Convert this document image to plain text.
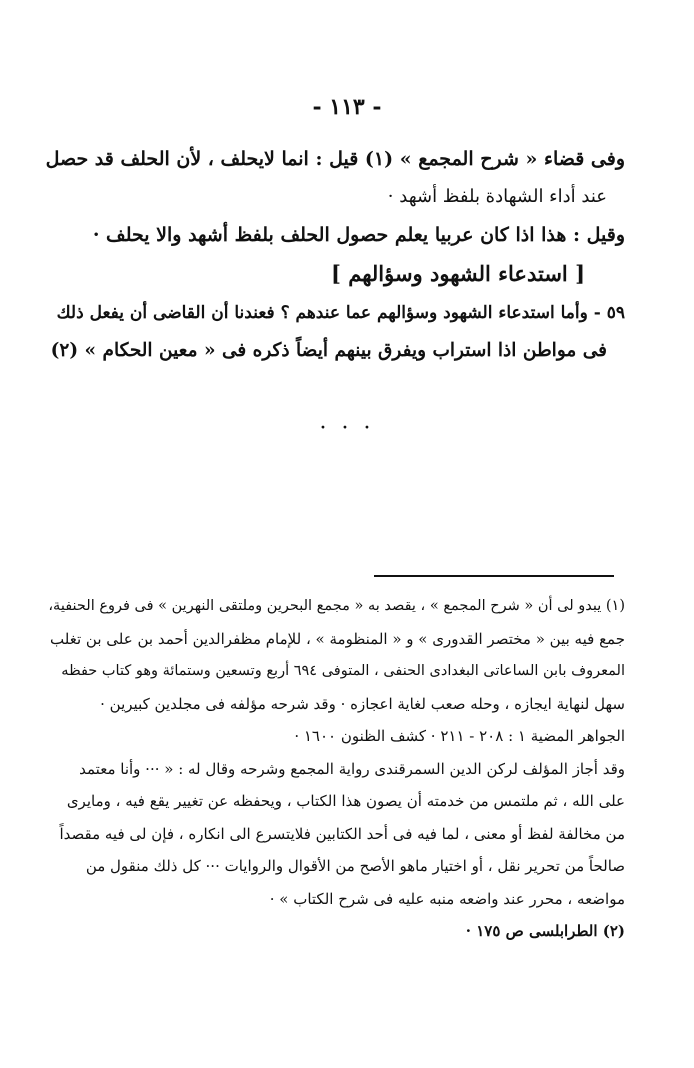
- ١١٣ -
وفى قضاء « شرح المجمع » (١) قيل : انما لايحلف ، لأن الحلف قد حصل
عند أداء الشهادة بلفظ أشهد ·
وقيل : هذا اذا كان عربيا يعلم حصول الحلف بلفظ أشهد والا يحلف ·
[ استدعاء الشهود وسؤالهم ]
٥٩ - وأما استدعاء الشهود وسؤالهم عما عندهم ؟ فعندنا أن القاضى أن يفعل ذلك
فى مواطن اذا استراب ويفرق بينهم أيضاً ذكره فى « معين الحكام » (٢)
· · ·
(١) يبدو لى أن « شرح المجمع » ، يقصد به « مجمع البحرين وملتقى النهرين » فى فروع الحنفية،
جمع فيه بين « مختصر القدورى » و « المنظومة » ، للإمام مظفرالدين أحمد بن على بن تغلب
المعروف بابن الساعاتى البغدادى الحنفى ، المتوفى ٦٩٤ أربع وتسعين وستمائة وهو كتاب حفظه
سهل لنهاية ايجازه ، وحله صعب لغاية اعجازه · وقد شرحه مؤلفه فى مجلدين كبيرين ·
الجواهر المضية ١ : ٢٠٨ - ٢١١ · كشف الظنون ١٦٠٠ ·
وقد أجاز المؤلف لركن الدين السمرقندى رواية المجمع وشرحه وقال له : « ··· وأنا معتمد
على الله ، ثم ملتمس من خدمته أن يصون هذا الكتاب ، ويحفظه عن تغيير يقع فيه ، ومايرى
من مخالفة لفظ أو معنى ، لما فيه فى أحد الكتابين فلايتسرع الى انكاره ، فإن لى فيه مقصداً
صالحاً من تحرير نقل ، أو اختيار ماهو الأصح من الأقوال والروايات ··· كل ذلك منقول من
مواضعه ، محرر عند واضعه منبه عليه فى شرح الكتاب » ·
(٢) الطرابلسى ص ١٧٥ ·
